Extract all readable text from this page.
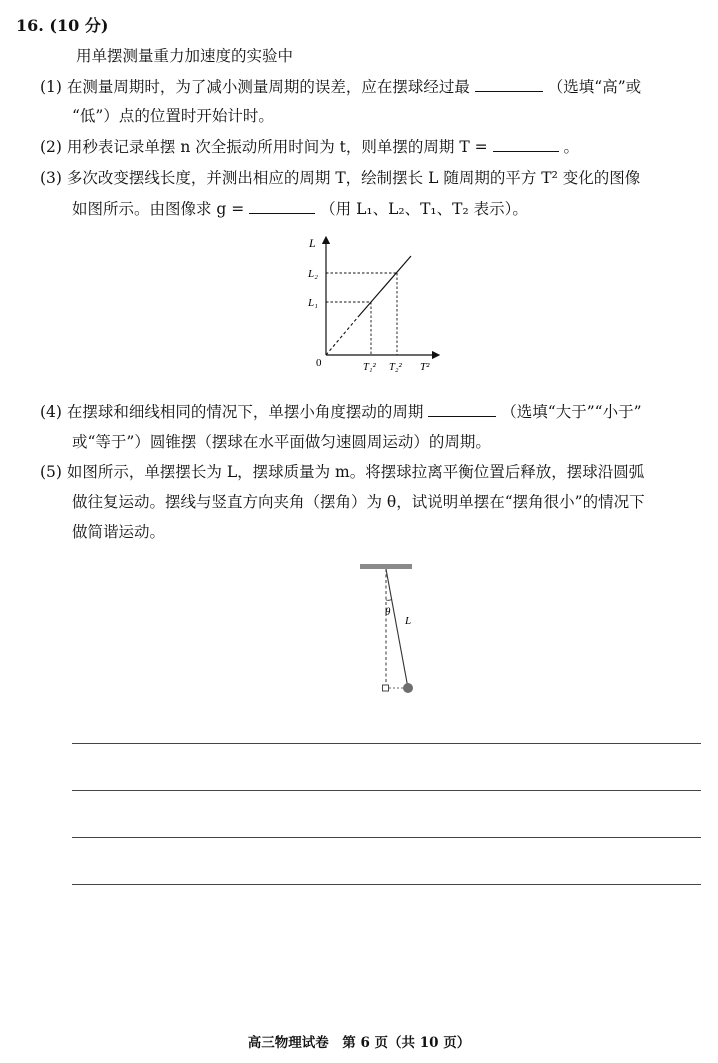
16. (10 分)
用单摆测量重力加速度的实验中
(1) 在测量周期时，为了减小测量周期的误差，应在摆球经过最	（选填“高”或
“低”）点的位置时开始计时。
(2) 用秒表记录单摆 n 次全振动所用时间为 t，则单摆的周期 T =	。
(3) 多次改变摆线长度，并测出相应的周期 T，绘制摆长 L 随周期的平方 T² 变化的图像
如图所示。由图像求 g =	（用 L₁、L₂、T₁、T₂ 表示）。
L
L₂
L₁
0	T₁² T₂² T²
(4) 在摆球和细线相同的情况下，单摆小角度摆动的周期	（选填“大于”“小于”
或“等于”）圆锥摆（摆球在水平面做匀速圆周运动）的周期。
(5) 如图所示，单摆摆长为 L，摆球质量为 m。将摆球拉离平衡位置后释放，摆球沿圆弧
做往复运动。摆线与竖直方向夹角（摆角）为 θ，试说明单摆在“摆角很小”的情况下
做简谐运动。
θ
L
高三物理试卷　第 6 页（共 10 页）
